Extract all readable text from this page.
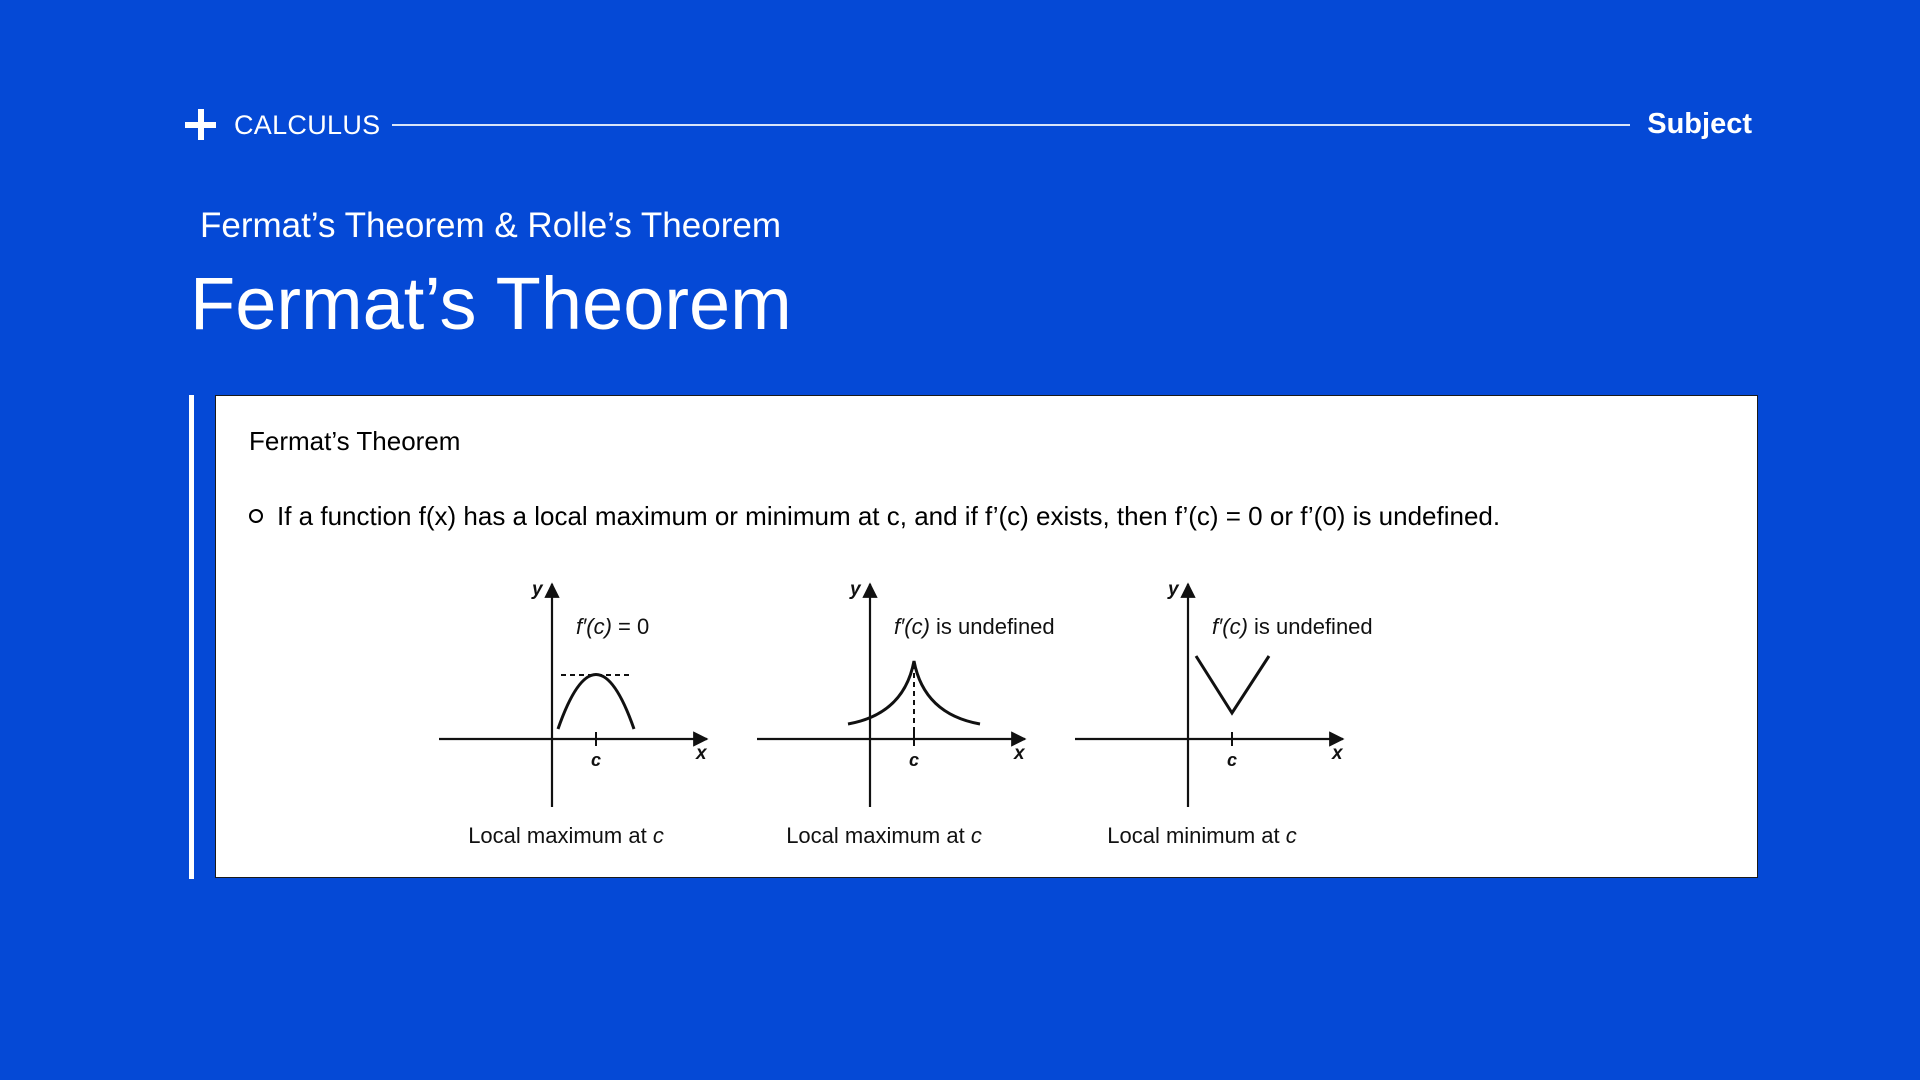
CALCULUS	Subject
Fermat’s Theorem & Rolle’s Theorem
Fermat’s Theorem
Fermat’s Theorem
If a function f(x) has a local maximum or minimum at c, and if f’(c) exists, then f’(c) = 0 or f’(0) is undefined.
y
x
c
f′(c) = 0
Local maximum at c
y
x
c
f′(c) is undefined
Local maximum at c
y
x
c
f′(c) is undefined
Local minimum at c
